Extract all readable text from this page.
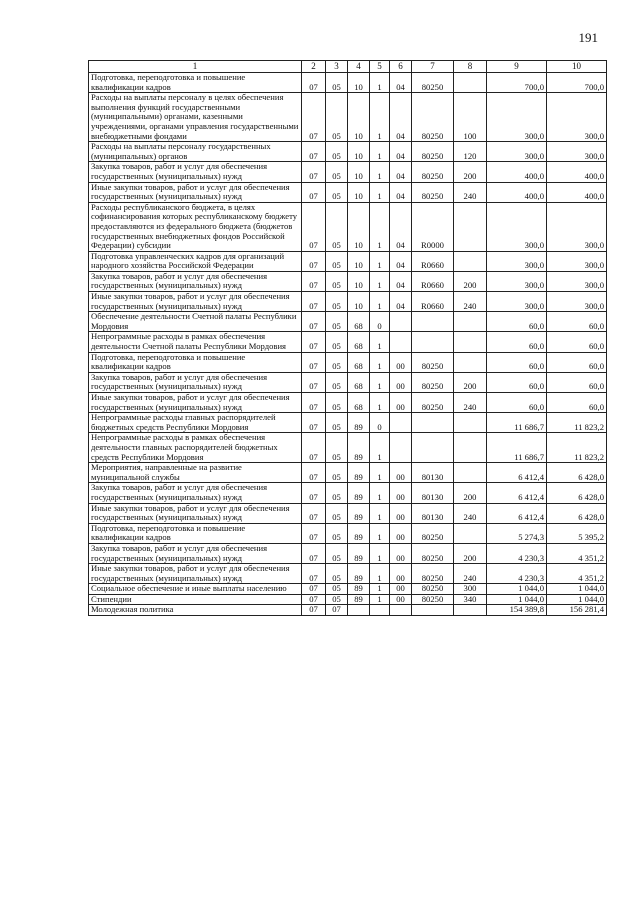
191
1	2	3	4	5	6	7	8	9	10
Подготовка, переподготовка и повышение квалификации кадров	07	05	10	1	04	80250		700,0	700,0
Расходы на выплаты персоналу в целях обеспечения выполнения функций государственными (муниципальными) органами, казенными учреждениями, органами управления государственными внебюджетными фондами	07	05	10	1	04	80250	100	300,0	300,0
Расходы на выплаты персоналу государственных (муниципальных) органов	07	05	10	1	04	80250	120	300,0	300,0
Закупка товаров, работ и услуг для обеспечения государственных (муниципальных) нужд	07	05	10	1	04	80250	200	400,0	400,0
Иные закупки товаров, работ и услуг для обеспечения государственных (муниципальных) нужд	07	05	10	1	04	80250	240	400,0	400,0
Расходы республиканского бюджета, в целях софинансирования которых республиканскому бюджету предоставляются из федерального бюджета (бюджетов государственных внебюджетных фондов Российской Федерации) субсидии	07	05	10	1	04	R0000		300,0	300,0
Подготовка управленческих кадров для организаций народного хозяйства Российской Федерации	07	05	10	1	04	R0660		300,0	300,0
Закупка товаров, работ и услуг для обеспечения государственных (муниципальных) нужд	07	05	10	1	04	R0660	200	300,0	300,0
Иные закупки товаров, работ и услуг для обеспечения государственных (муниципальных) нужд	07	05	10	1	04	R0660	240	300,0	300,0
Обеспечение деятельности Счетной палаты Республики Мордовия	07	05	68	0				60,0	60,0
Непрограммные расходы в рамках обеспечения деятельности Счетной палаты Республики Мордовия	07	05	68	1				60,0	60,0
Подготовка, переподготовка и повышение квалификации кадров	07	05	68	1	00	80250		60,0	60,0
Закупка товаров, работ и услуг для обеспечения государственных (муниципальных) нужд	07	05	68	1	00	80250	200	60,0	60,0
Иные закупки товаров, работ и услуг для обеспечения государственных (муниципальных) нужд	07	05	68	1	00	80250	240	60,0	60,0
Непрограммные расходы главных распорядителей бюджетных средств Республики Мордовия	07	05	89	0				11 686,7	11 823,2
Непрограммные расходы в рамках обеспечения деятельности главных распорядителей бюджетных средств Республики Мордовия	07	05	89	1				11 686,7	11 823,2
Мероприятия, направленные на развитие муниципальной службы	07	05	89	1	00	80130		6 412,4	6 428,0
Закупка товаров, работ и услуг для обеспечения государственных (муниципальных) нужд	07	05	89	1	00	80130	200	6 412,4	6 428,0
Иные закупки товаров, работ и услуг для обеспечения государственных (муниципальных) нужд	07	05	89	1	00	80130	240	6 412,4	6 428,0
Подготовка, переподготовка и повышение квалификации кадров	07	05	89	1	00	80250		5 274,3	5 395,2
Закупка товаров, работ и услуг для обеспечения государственных (муниципальных) нужд	07	05	89	1	00	80250	200	4 230,3	4 351,2
Иные закупки товаров, работ и услуг для обеспечения государственных (муниципальных) нужд	07	05	89	1	00	80250	240	4 230,3	4 351,2
Социальное обеспечение и иные выплаты населению	07	05	89	1	00	80250	300	1 044,0	1 044,0
Стипендии	07	05	89	1	00	80250	340	1 044,0	1 044,0
Молодежная политика	07	07						154 389,8	156 281,4
